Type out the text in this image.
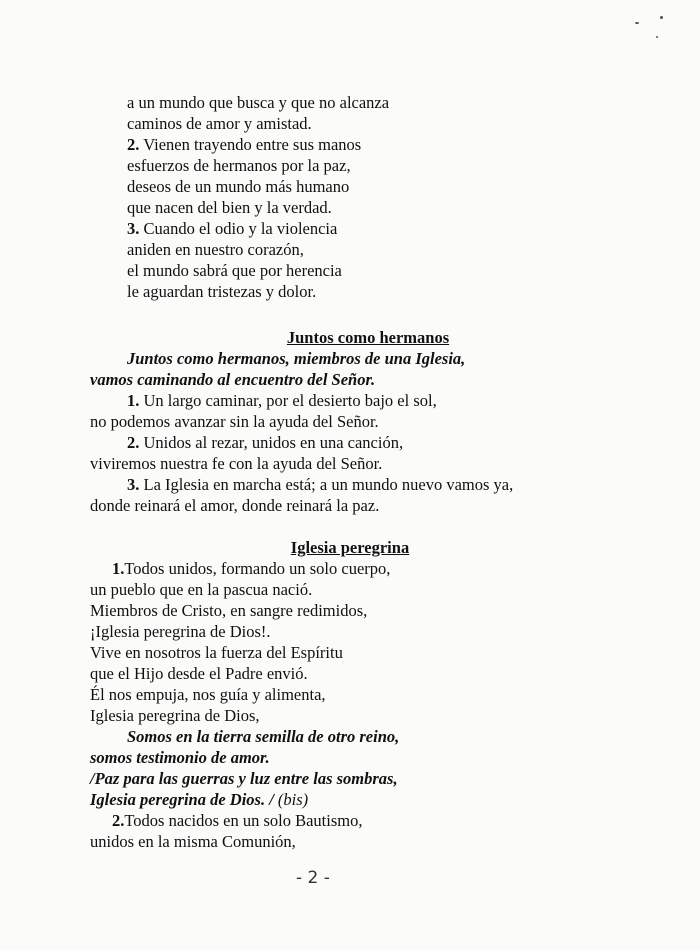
a un mundo que busca y que no alcanza
caminos de amor y amistad.
2. Vienen trayendo entre sus manos
esfuerzos de hermanos por la paz,
deseos de un mundo más humano
que nacen del bien y la verdad.
3. Cuando el odio y la violencia
aniden en nuestro corazón,
el mundo sabrá que por herencia
le aguardan tristezas y dolor.
Juntos como hermanos
Juntos como hermanos, miembros de una Iglesia,
vamos caminando al encuentro del Señor.
1. Un largo caminar, por el desierto bajo el sol,
no podemos avanzar sin la ayuda del Señor.
2. Unidos al rezar, unidos en una canción,
viviremos nuestra fe con la ayuda del Señor.
3. La Iglesia en marcha está; a un mundo nuevo vamos ya,
donde reinará el amor, donde reinará la paz.
Iglesia peregrina
1.Todos unidos, formando un solo cuerpo,
un pueblo que en la pascua nació.
Miembros de Cristo, en sangre redimidos,
¡Iglesia peregrina de Dios!.
Vive en nosotros la fuerza del Espíritu
que el Hijo desde el Padre envió.
Él nos empuja, nos guía y alimenta,
Iglesia peregrina de Dios,
Somos en la tierra semilla de otro reino,
somos testimonio de amor.
/Paz para las guerras y luz entre las sombras,
Iglesia peregrina de Dios. / (bis)
2.Todos nacidos en un solo Bautismo,
unidos en la misma Comunión,
- 2 -
